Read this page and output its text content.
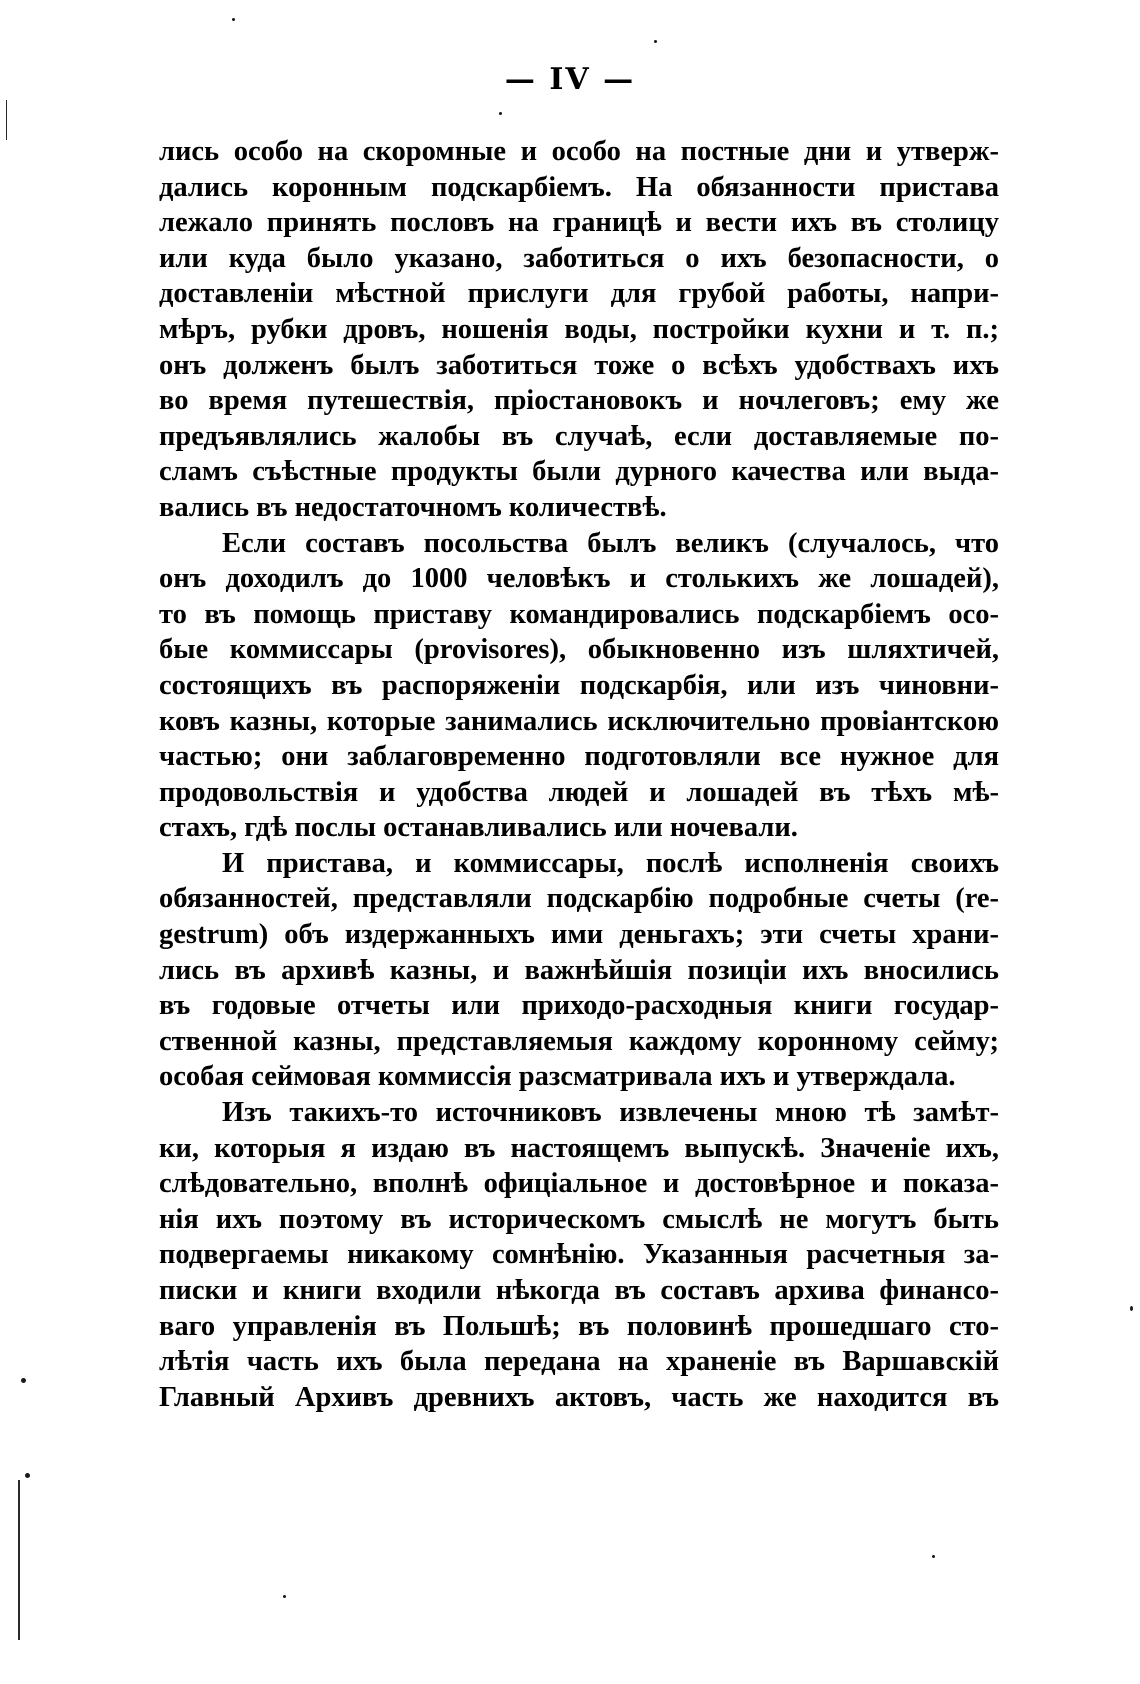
— IV —
лись особо на скоромные и особо на постные дни и утверж-
дались коронным подскарбіемъ. На обязанности пристава
лежало принять пословъ на границѣ и вести ихъ въ столицу
или куда было указано, заботиться о ихъ безопасности, о
доставленіи мѣстной прислуги для грубой работы, напри-
мѣръ, рубки дровъ, ношенія воды, постройки кухни и т. п.;
онъ долженъ былъ заботиться тоже о всѣхъ удобствахъ ихъ
во время путешествія, пріостановокъ и ночлеговъ; ему же
предъявлялись жалобы въ случаѣ, если доставляемые по-
сламъ съѣстные продукты были дурного качества или выда-
вались въ недостаточномъ количествѣ.
Если составъ посольства былъ великъ (случалось, что
онъ доходилъ до 1000 человѣкъ и столькихъ же лошадей),
то въ помощь приставу командировались подскарбіемъ осо-
бые коммиссары (provisores), обыкновенно изъ шляхтичей,
состоящихъ въ распоряженіи подскарбія, или изъ чиновни-
ковъ казны, которые занимались исключительно провіантскою
частью; они заблаговременно подготовляли все нужное для
продовольствія и удобства людей и лошадей въ тѣхъ мѣ-
стахъ, гдѣ послы останавливались или ночевали.
И пристава, и коммиссары, послѣ исполненія своихъ
обязанностей, представляли подскарбію подробные счеты (re-
gestrum) объ издержанныхъ ими деньгахъ; эти счеты храни-
лись въ архивѣ казны, и важнѣйшія позиціи ихъ вносились
въ годовые отчеты или приходо-расходныя книги государ-
ственной казны, представляемыя каждому коронному сейму;
особая сеймовая коммиссія разсматривала ихъ и утверждала.
Изъ такихъ-то источниковъ извлечены мною тѣ замѣт-
ки, которыя я издаю въ настоящемъ выпускѣ. Значеніе ихъ,
слѣдовательно, вполнѣ офиціальное и достовѣрное и показа-
нія ихъ поэтому въ историческомъ смыслѣ не могутъ быть
подвергаемы никакому сомнѣнію. Указанныя расчетныя за-
писки и книги входили нѣкогда въ составъ архива финансо-
ваго управленія въ Польшѣ; въ половинѣ прошедшаго сто-
лѣтія часть ихъ была передана на храненіе въ Варшавскій
Главный Архивъ древнихъ актовъ, часть же находится въ
